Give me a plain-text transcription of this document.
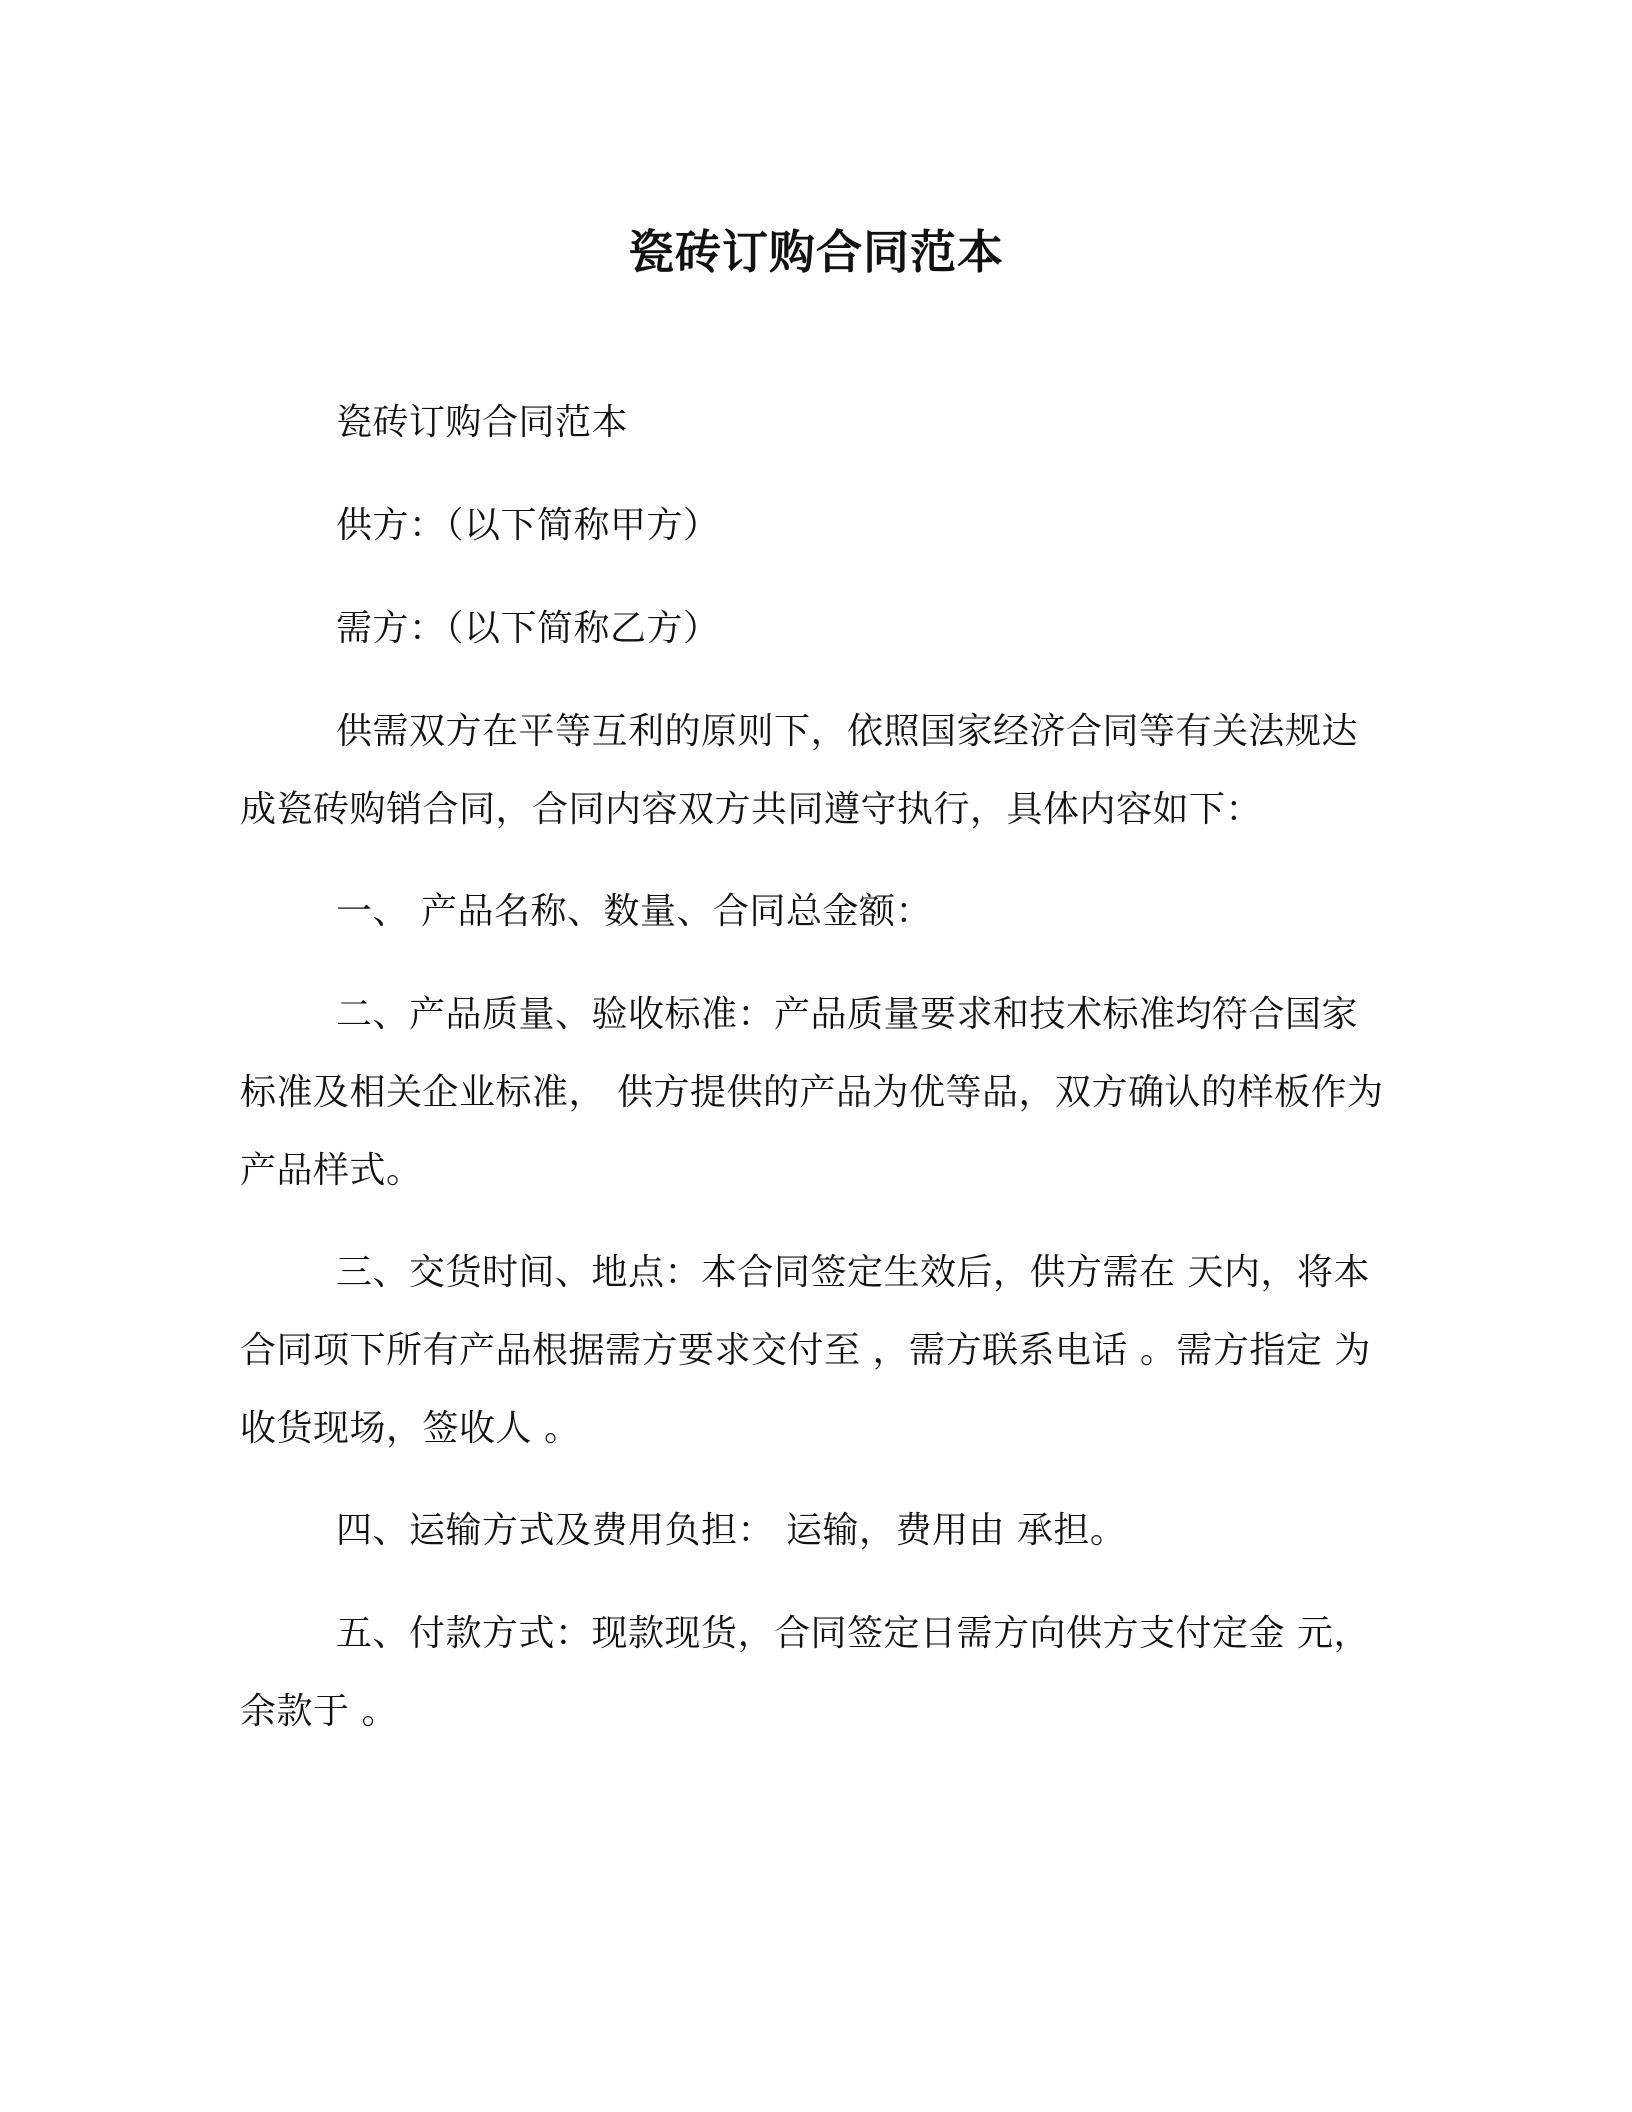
瓷砖订购合同范本

瓷砖订购合同范本

供方：（以下简称甲方）

需方：（以下简称乙方）

供需双方在平等互利的原则下，依照国家经济合同等有关法规达成瓷砖购销合同，合同内容双方共同遵守执行，具体内容如下：

一、 产品名称、数量、合同总金额：

二、产品质量、验收标准：产品质量要求和技术标准均符合国家标准及相关企业标准， 供方提供的产品为优等品，双方确认的样板作为产品样式。

三、交货时间、地点：本合同签定生效后，供方需在 天内，将本合同项下所有产品根据需方要求交付至 ，需方联系电话 。需方指定 为收货现场，签收人 。

四、运输方式及费用负担： 运输，费用由 承担。

五、付款方式：现款现货，合同签定日需方向供方支付定金 元，余款于 。
